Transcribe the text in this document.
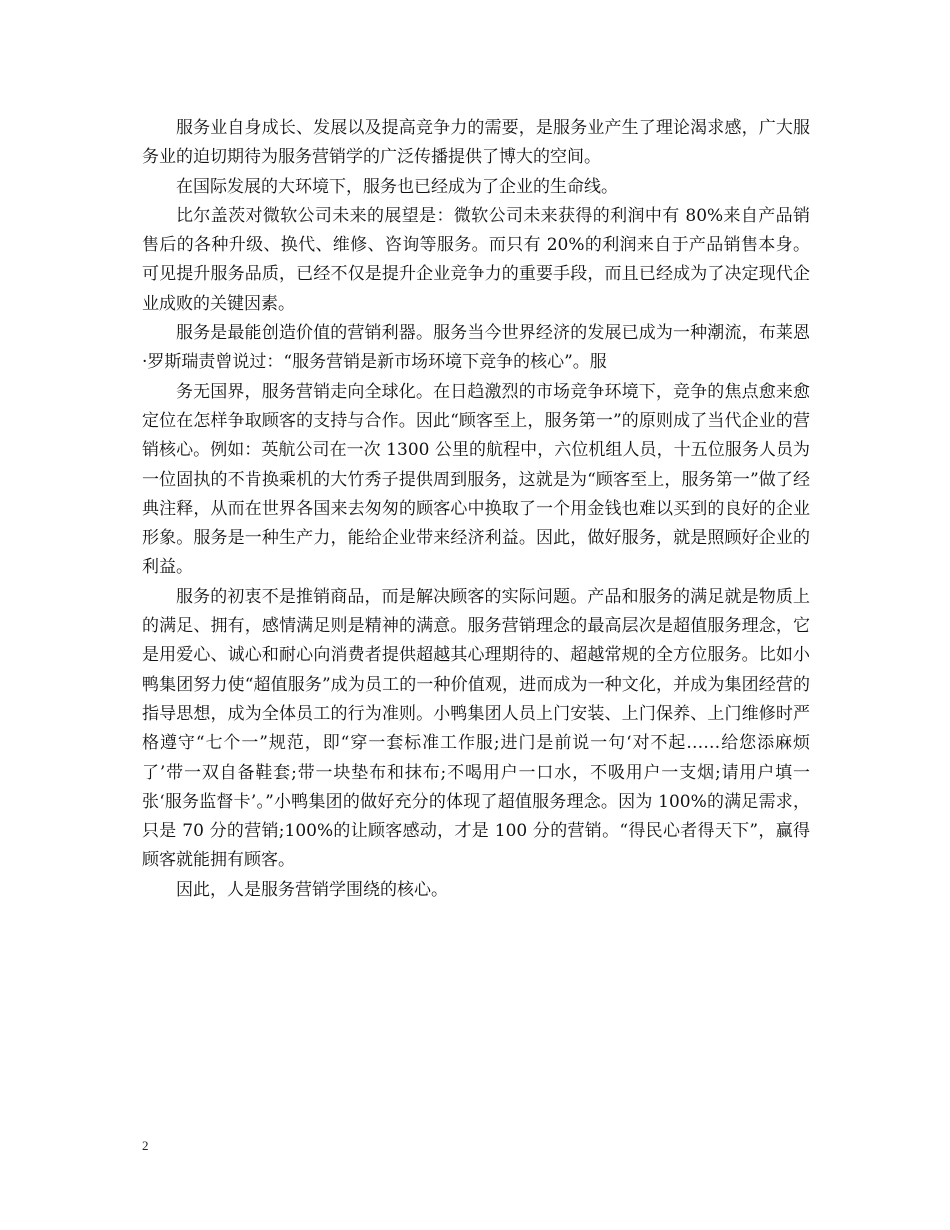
服务业自身成长、发展以及提高竞争力的需要，是服务业产生了理论渴求感，广大服务业的迫切期待为服务营销学的广泛传播提供了博大的空间。

在国际发展的大环境下，服务也已经成为了企业的生命线。

比尔盖茨对微软公司未来的展望是：微软公司未来获得的利润中有 80%来自产品销售后的各种升级、换代、维修、咨询等服务。而只有 20%的利润来自于产品销售本身。可见提升服务品质，已经不仅是提升企业竞争力的重要手段，而且已经成为了决定现代企业成败的关键因素。

服务是最能创造价值的营销利器。服务当今世界经济的发展已成为一种潮流，布莱恩·罗斯瑞责曾说过：“服务营销是新市场环境下竞争的核心”。服

务无国界，服务营销走向全球化。在日趋激烈的市场竞争环境下，竞争的焦点愈来愈定位在怎样争取顾客的支持与合作。因此“顾客至上，服务第一”的原则成了当代企业的营销核心。例如：英航公司在一次 1300 公里的航程中，六位机组人员，十五位服务人员为一位固执的不肯换乘机的大竹秀子提供周到服务，这就是为“顾客至上，服务第一”做了经典注释，从而在世界各国来去匆匆的顾客心中换取了一个用金钱也难以买到的良好的企业形象。服务是一种生产力，能给企业带来经济利益。因此，做好服务，就是照顾好企业的利益。

服务的初衷不是推销商品，而是解决顾客的实际问题。产品和服务的满足就是物质上的满足、拥有，感情满足则是精神的满意。服务营销理念的最高层次是超值服务理念，它是用爱心、诚心和耐心向消费者提供超越其心理期待的、超越常规的全方位服务。比如小鸭集团努力使“超值服务”成为员工的一种价值观，进而成为一种文化，并成为集团经营的指导思想，成为全体员工的行为准则。小鸭集团人员上门安装、上门保养、上门维修时严格遵守“七个一”规范，即“穿一套标准工作服;进门是前说一句‘对不起……给您添麻烦了’带一双自备鞋套;带一块垫布和抹布;不喝用户一口水，不吸用户一支烟;请用户填一张‘服务监督卡’。”小鸭集团的做好充分的体现了超值服务理念。因为 100%的满足需求，只是 70 分的营销;100%的让顾客感动，才是 100 分的营销。“得民心者得天下”，赢得顾客就能拥有顾客。

因此，人是服务营销学围绕的核心。

2
